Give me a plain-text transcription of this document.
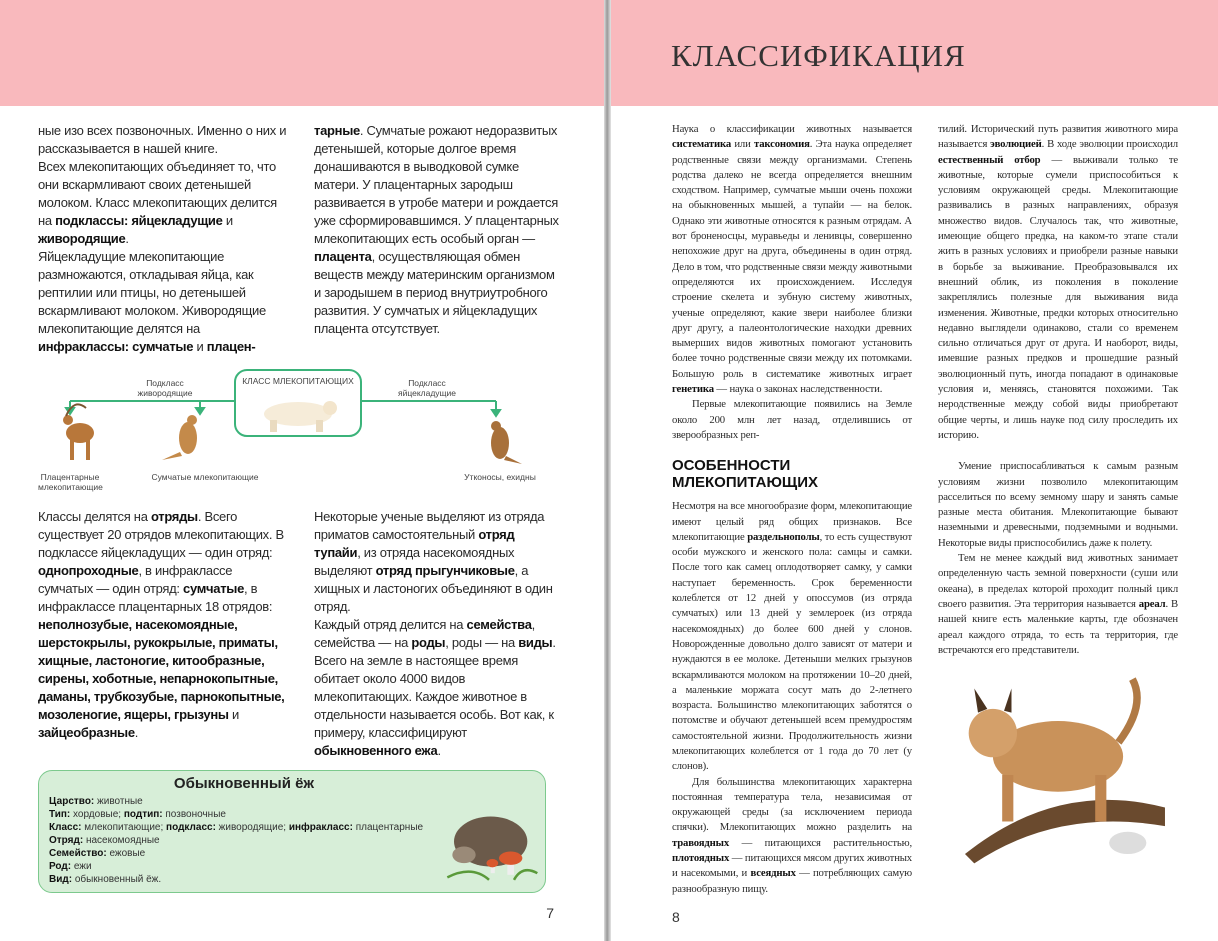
ные изо всех позвоночных. Именно о них и рассказывается в нашей книге.

Всех млекопитающих объединяет то, что они вскармливают своих детенышей молоком. Класс млекопитающих делится на подклассы: яйцекладущие и живородящие.

Яйцекладущие млекопитающие размножаются, откладывая яйца, как рептилии или птицы, но детенышей вскармливают молоком. Живородящие млекопитающие делятся на инфраклассы: сумчатые и плацен-

тарные. Сумчатые рожают недоразвитых детенышей, которые долгое время донашиваются в выводковой сумке матери. У плацентарных зародыш развивается в утробе матери и рождается уже сформировавшимся. У плацентарных млекопитающих есть особый орган — плацента, осуществляющая обмен веществ между материнским организмом и зародышем в период внутриутробного развития. У сумчатых и яйцекладущих плацента отсутствует.

КЛАСС МЛЕКОПИТАЮЩИХ
Подкласс живородящие
Подкласс яйцекладущие
Плацентарные млекопитающие
Сумчатые млекопитающие	Утконосы, ехидны

Классы делятся на отряды. Всего существует 20 отрядов млекопитающих. В подклассе яйцекладущих — один отряд: однопроходные, в инфраклассе сумчатых — один отряд: сумчатые, в инфраклассе плацентарных 18 отрядов: неполнозубые, насекомоядные, шерстокрылы, рукокрылые, приматы, хищные, ластоногие, китообразные, сирены, хоботные, непарнокопытные, даманы, трубкозубые, парнокопытные, мозоленогие, ящеры, грызуны и зайцеобразные.

Некоторые ученые выделяют из отряда приматов самостоятельный отряд тупайи, из отряда насекомоядных выделяют отряд прыгунчиковые, а хищных и ластоногих объединяют в один отряд.

Каждый отряд делится на семейства, семейства — на роды, роды — на виды. Всего на земле в настоящее время обитает около 4000 видов млекопитающих. Каждое животное в отдельности называется особь. Вот как, к примеру, классифицируют обыкновенного ежа.

Обыкновенный ёж

Царство: животные

Тип: хордовые; подтип: позвоночные

Класс: млекопитающие; подкласс: живородящие; инфракласс: плацентарные

Отряд: насекомоядные

Семейство: ежовые

Род: ежи

Вид: обыкновенный ёж.

7
КЛАССИФИКАЦИЯ

Наука о классификации животных называется систематика или таксономия. Эта наука определяет родственные связи между организмами. Степень родства далеко не всегда определяется внешним сходством. Например, сумчатые мыши очень похожи на обыкновенных мышей, а тупайи — на белок. Однако эти животные относятся к разным отрядам. А вот броненосцы, муравьеды и ленивцы, совершенно непохожие друг на друга, объединены в один отряд. Дело в том, что родственные связи между животными определяются их происхождением. Исследуя строение скелета и зубную систему животных, ученые определяют, какие звери наиболее близки друг другу, а палеонтологические находки древних вымерших видов животных помогают установить более точно родственные связи между их потомками. Большую роль в систематике животных играет генетика — наука о законах наследственности.

Первые млекопитающие появились на Земле около 200 млн лет назад, отделившись от зверообразных реп-

ОСОБЕННОСТИ МЛЕКОПИТАЮЩИХ

Несмотря на все многообразие форм, млекопитающие имеют целый ряд общих признаков. Все млекопитающие раздельнополы, то есть существуют особи мужского и женского пола: самцы и самки. После того как самец оплодотворяет самку, у самки наступает беременность. Срок беременности колеблется от 12 дней у опоссумов (из отряда сумчатых) или 13 дней у землероек (из отряда насекомоядных) до более 600 дней у слонов. Новорожденные довольно долго зависят от матери и нуждаются в ее молоке. Детеныши мелких грызунов вскармливаются молоком на протяжении 10–20 дней, а маленькие моржата сосут мать до 2-летнего возраста. Большинство млекопитающих заботятся о потомстве и обучают детенышей всем премудростям самостоятельной жизни. Продолжительность жизни млекопитающих колеблется от 1 года до 70 лет (у слонов).

Для большинства млекопитающих характерна постоянная температура тела, независимая от окружающей среды (за исключением периода спячки). Млекопитающих можно разделить на травоядных — питающихся растительностью, плотоядных — питающихся мясом других животных и насекомыми, и всеядных — потребляющих самую разнообразную пищу.

8

тилий. Исторический путь развития животного мира называется эволюцией. В ходе эволюции происходил естественный отбор — выживали только те животные, которые сумели приспособиться к условиям окружающей среды. Млекопитающие развивались в разных направлениях, образуя множество видов. Случалось так, что животные, имеющие общего предка, на каком-то этапе стали жить в разных условиях и приобрели разные навыки в борьбе за выживание. Преобразовывался их внешний облик, из поколения в поколение закреплялись полезные для выживания вида изменения. Животные, предки которых относительно недавно выглядели одинаково, стали со временем сильно отличаться друг от друга. И наоборот, виды, имевшие разных предков и прошедшие разный эволюционный путь, иногда попадают в одинаковые условия и, меняясь, становятся похожими. Так неродственные между собой виды приобретают общие черты, и лишь науке под силу проследить их историю.

Умение приспосабливаться к самым разным условиям жизни позволило млекопитающим расселиться по всему земному шару и занять самые разные места обитания. Млекопитающие бывают наземными и древесными, подземными и водными. Некоторые виды приспособились даже к полету.

Тем не менее каждый вид животных занимает определенную часть земной поверхности (суши или океана), в пределах которой проходит полный цикл своего развития. Эта территория называется ареал. В нашей книге есть маленькие карты, где обозначен ареал каждого отряда, то есть та территория, где встречаются его представители.
